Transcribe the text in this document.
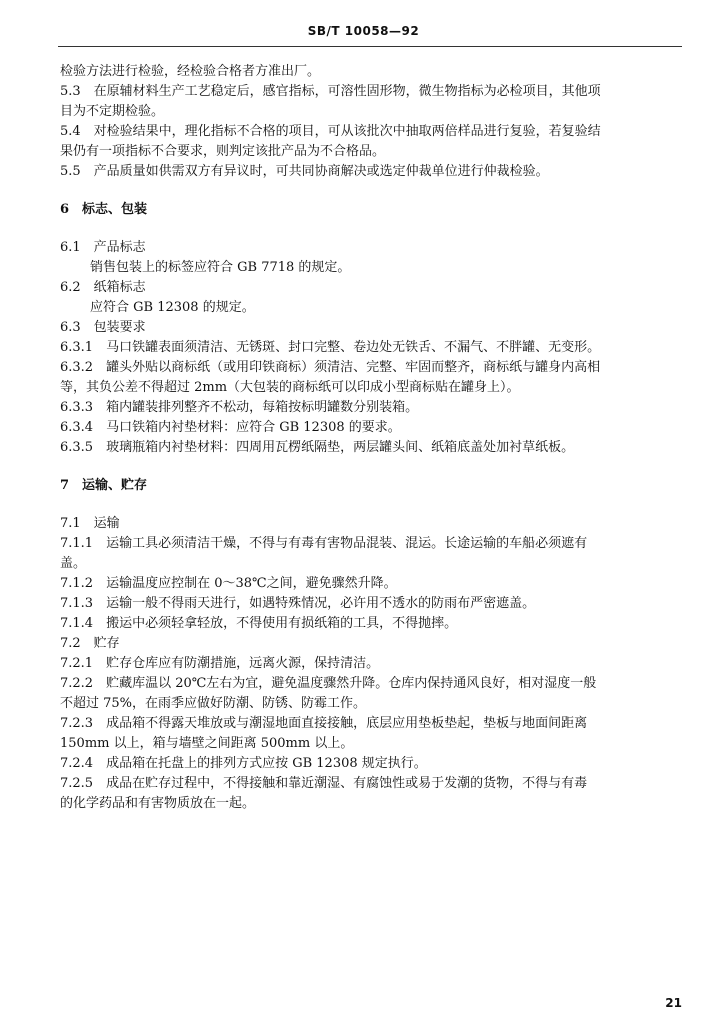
SB/T 10058—92
检验方法进行检验，经检验合格者方准出厂。
5.3　在原辅材料生产工艺稳定后，感官指标，可溶性固形物，微生物指标为必检项目，其他项
目为不定期检验。
5.4　对检验结果中，理化指标不合格的项目，可从该批次中抽取两倍样品进行复验，若复验结
果仍有一项指标不合要求，则判定该批产品为不合格品。
5.5　产品质量如供需双方有异议时，可共同协商解决或选定仲裁单位进行仲裁检验。
6　标志、包装
6.1　产品标志
销售包装上的标签应符合 GB 7718 的规定。
6.2　纸箱标志
应符合 GB 12308 的规定。
6.3　包装要求
6.3.1　马口铁罐表面须清洁、无锈斑、封口完整、卷边处无铁舌、不漏气、不胖罐、无变形。
6.3.2　罐头外贴以商标纸（或用印铁商标）须清洁、完整、牢固而整齐，商标纸与罐身内高相
等，其负公差不得超过 2mm（大包装的商标纸可以印成小型商标贴在罐身上）。
6.3.3　箱内罐装排列整齐不松动，每箱按标明罐数分别装箱。
6.3.4　马口铁箱内衬垫材料：应符合 GB 12308 的要求。
6.3.5　玻璃瓶箱内衬垫材料：四周用瓦楞纸隔垫，两层罐头间、纸箱底盖处加衬草纸板。
7　运输、贮存
7.1　运输
7.1.1　运输工具必须清洁干燥，不得与有毒有害物品混装、混运。长途运输的车船必须遮有
盖。
7.1.2　运输温度应控制在 0～38℃之间，避免骤然升降。
7.1.3　运输一般不得雨天进行，如遇特殊情况，必许用不透水的防雨布严密遮盖。
7.1.4　搬运中必须轻拿轻放，不得使用有损纸箱的工具，不得抛摔。
7.2　贮存
7.2.1　贮存仓库应有防潮措施，远离火源，保持清洁。
7.2.2　贮藏库温以 20℃左右为宜，避免温度骤然升降。仓库内保持通风良好，相对湿度一般
不超过 75%，在雨季应做好防潮、防锈、防霉工作。
7.2.3　成品箱不得露天堆放或与潮湿地面直接接触，底层应用垫板垫起，垫板与地面间距离
150mm 以上，箱与墙壁之间距离 500mm 以上。
7.2.4　成品箱在托盘上的排列方式应按 GB 12308 规定执行。
7.2.5　成品在贮存过程中，不得接触和靠近潮湿、有腐蚀性或易于发潮的货物，不得与有毒
的化学药品和有害物质放在一起。
21
